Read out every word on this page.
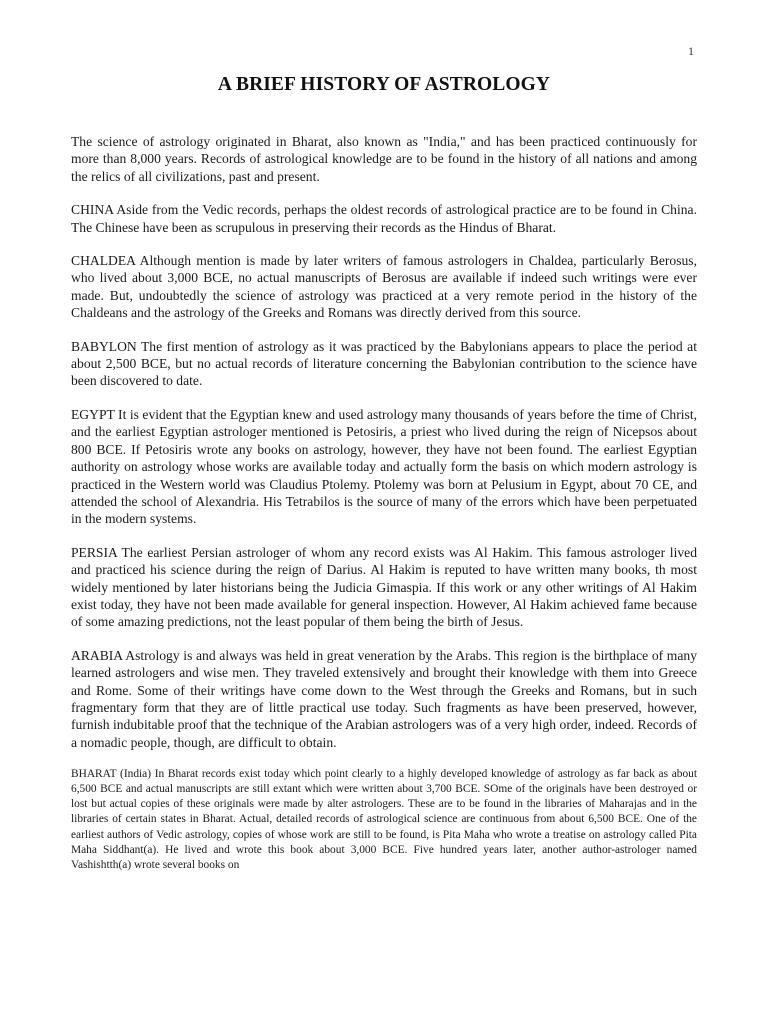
1
A BRIEF HISTORY OF ASTROLOGY

The science of astrology originated in Bharat, also known as "India," and has been practiced continuously for more than 8,000 years. Records of astrological knowledge are to be found in the history of all nations and among the relics of all civilizations, past and present.

CHINA Aside from the Vedic records, perhaps the oldest records of astrological practice are to be found in China. The Chinese have been as scrupulous in preserving their records as the Hindus of Bharat.

CHALDEA Although mention is made by later writers of famous astrologers in Chaldea, particularly Berosus, who lived about 3,000 BCE, no actual manuscripts of Berosus are available if indeed such writings were ever made. But, undoubtedly the science of astrology was practiced at a very remote period in the history of the Chaldeans and the astrology of the Greeks and Romans was directly derived from this source.

BABYLON The first mention of astrology as it was practiced by the Babylonians appears to place the period at about 2,500 BCE, but no actual records of literature concerning the Babylonian contribution to the science have been discovered to date.

EGYPT It is evident that the Egyptian knew and used astrology many thousands of years before the time of Christ, and the earliest Egyptian astrologer mentioned is Petosiris, a priest who lived during the reign of Nicepsos about 800 BCE. If Petosiris wrote any books on astrology, however, they have not been found. The earliest Egyptian authority on astrology whose works are available today and actually form the basis on which modern astrology is practiced in the Western world was Claudius Ptolemy. Ptolemy was born at Pelusium in Egypt, about 70 CE, and attended the school of Alexandria. His Tetrabilos is the source of many of the errors which have been perpetuated in the modern systems.

PERSIA The earliest Persian astrologer of whom any record exists was Al Hakim. This famous astrologer lived and practiced his science during the reign of Darius. Al Hakim is reputed to have written many books, th most widely mentioned by later historians being the Judicia Gimaspia. If this work or any other writings of Al Hakim exist today, they have not been made available for general inspection. However, Al Hakim achieved fame because of some amazing predictions, not the least popular of them being the birth of Jesus.

ARABIA Astrology is and always was held in great veneration by the Arabs. This region is the birthplace of many learned astrologers and wise men. They traveled extensively and brought their knowledge with them into Greece and Rome. Some of their writings have come down to the West through the Greeks and Romans, but in such fragmentary form that they are of little practical use today. Such fragments as have been preserved, however, furnish indubitable proof that the technique of the Arabian astrologers was of a very high order, indeed. Records of a nomadic people, though, are difficult to obtain.

BHARAT (India) In Bharat records exist today which point clearly to a highly developed knowledge of astrology as far back as about 6,500 BCE and actual manuscripts are still extant which were written about 3,700 BCE. SOme of the originals have been destroyed or lost but actual copies of these originals were made by alter astrologers. These are to be found in the libraries of Maharajas and in the libraries of certain states in Bharat. Actual, detailed records of astrological science are continuous from about 6,500 BCE. One of the earliest authors of Vedic astrology, copies of whose work are still to be found, is Pita Maha who wrote a treatise on astrology called Pita Maha Siddhant(a). He lived and wrote this book about 3,000 BCE. Five hundred years later, another author-astrologer named Vashishtth(a) wrote several books on
